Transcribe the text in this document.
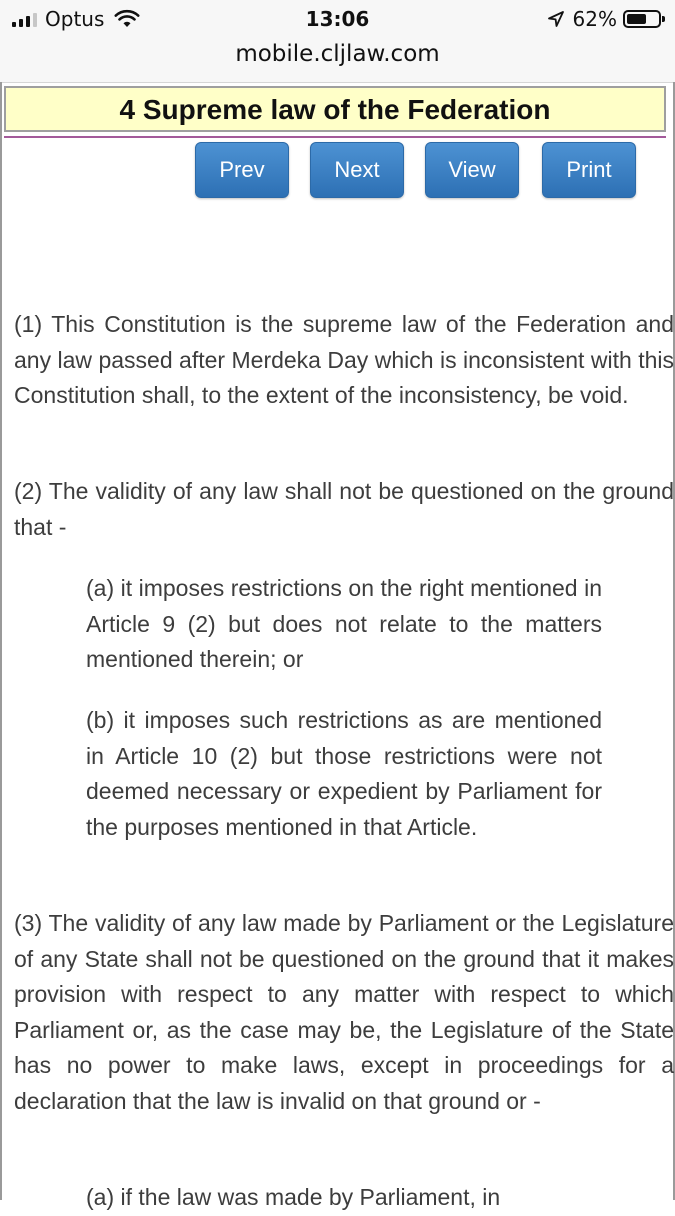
Optus	13:06	62%
mobile.cljlaw.com
4 Supreme law of the Federation
Prev	Next	View	Print

(1) This Constitution is the supreme law of the Federation and any law passed after Merdeka Day which is inconsistent with this Constitution shall, to the extent of the inconsistency, be void.

(2) The validity of any law shall not be questioned on the ground that -

(a) it imposes restrictions on the right mentioned in Article 9 (2) but does not relate to the matters mentioned therein; or

(b) it imposes such restrictions as are mentioned in Article 10 (2) but those restrictions were not deemed necessary or expedient by Parliament for the purposes mentioned in that Article.

(3) The validity of any law made by Parliament or the Legislature of any State shall not be questioned on the ground that it makes provision with respect to any matter with respect to which Parliament or, as the case may be, the Legislature of the State has no power to make laws, except in proceedings for a declaration that the law is invalid on that ground or -

(a) if the law was made by Parliament, in
